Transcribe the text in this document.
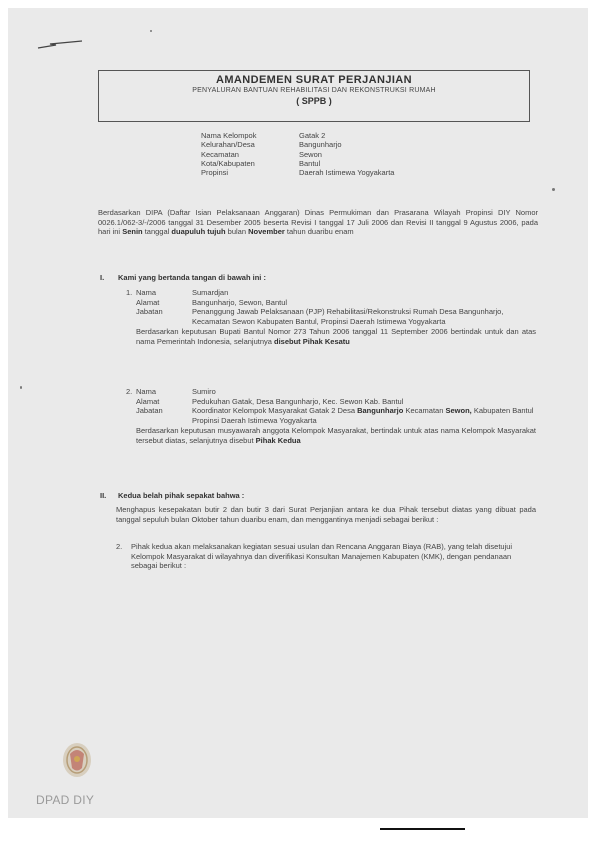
AMANDEMEN SURAT PERJANJIAN
PENYALURAN BANTUAN REHABILITASI DAN REKONSTRUKSI RUMAH
( SPPB )
Nama Kelompok	Gatak 2
Kelurahan/Desa	Bangunharjo
Kecamatan	Sewon
Kota/Kabupaten	Bantul
Propinsi	Daerah Istimewa Yogyakarta
Berdasarkan DIPA (Daftar Isian Pelaksanaan Anggaran) Dinas Permukiman dan Prasarana Wilayah Propinsi DIY Nomor 0026.1/062-3/-/2006 tanggal 31 Desember 2005 beserta Revisi I tanggal 17 Juli 2006 dan Revisi II tanggal 9 Agustus 2006, pada hari ini Senin tanggal duapuluh tujuh bulan November tahun duaribu enam
I. Kami yang bertanda tangan di bawah ini :
1. Nama	Sumardjan
Alamat	Bangunharjo, Sewon, Bantul
Jabatan	Penanggung Jawab Pelaksanaan (PJP) Rehabilitasi/Rekonstruksi Rumah Desa Bangunharjo, Kecamatan Sewon Kabupaten Bantul, Propinsi Daerah Istimewa Yogyakarta
Berdasarkan keputusan Bupati Bantul Nomor 273 Tahun 2006 tanggal 11 September 2006 bertindak untuk dan atas nama Pemerintah Indonesia, selanjutnya disebut Pihak Kesatu
2. Nama	Sumiro
Alamat	Pedukuhan Gatak, Desa Bangunharjo, Kec. Sewon Kab. Bantul
Jabatan	Koordinator Kelompok Masyarakat Gatak 2 Desa Bangunharjo Kecamatan Sewon, Kabupaten Bantul Propinsi Daerah Istimewa Yogyakarta
Berdasarkan keputusan musyawarah anggota Kelompok Masyarakat, bertindak untuk atas nama Kelompok Masyarakat tersebut diatas, selanjutnya disebut Pihak Kedua
II. Kedua belah pihak sepakat bahwa :
Menghapus kesepakatan butir 2 dan butir 3 dari Surat Perjanjian antara ke dua Pihak tersebut diatas yang dibuat pada tanggal sepuluh bulan Oktober tahun duaribu enam, dan menggantinya menjadi sebagai berikut :
2.	Pihak kedua akan melaksanakan kegiatan sesuai usulan dan Rencana Anggaran Biaya (RAB), yang telah disetujui Kelompok Masyarakat di wilayahnya dan diverifikasi Konsultan Manajemen Kabupaten (KMK), dengan pendanaan sebagai berikut :
DPAD DIY
